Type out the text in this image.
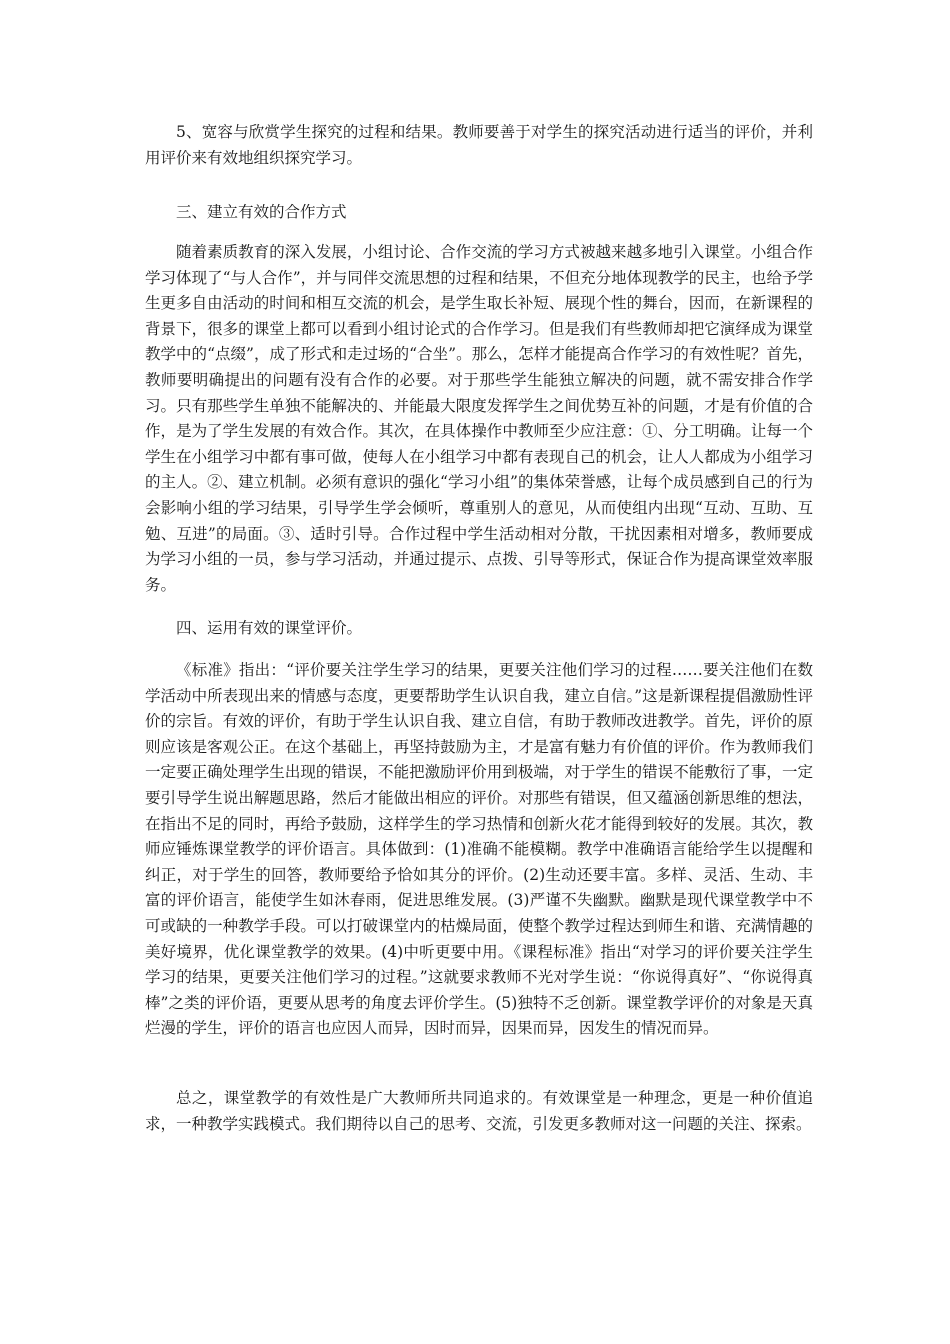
5、宽容与欣赏学生探究的过程和结果。教师要善于对学生的探究活动进行适当的评价，并利用评价来有效地组织探究学习。

三、建立有效的合作方式

随着素质教育的深入发展，小组讨论、合作交流的学习方式被越来越多地引入课堂。小组合作学习体现了“与人合作”，并与同伴交流思想的过程和结果，不但充分地体现教学的民主，也给予学生更多自由活动的时间和相互交流的机会，是学生取长补短、展现个性的舞台，因而，在新课程的背景下，很多的课堂上都可以看到小组讨论式的合作学习。但是我们有些教师却把它演绎成为课堂教学中的“点缀”，成了形式和走过场的“合坐”。那么，怎样才能提高合作学习的有效性呢？首先，教师要明确提出的问题有没有合作的必要。对于那些学生能独立解决的问题，就不需安排合作学习。只有那些学生单独不能解决的、并能最大限度发挥学生之间优势互补的问题，才是有价值的合作，是为了学生发展的有效合作。其次，在具体操作中教师至少应注意：①、分工明确。让每一个学生在小组学习中都有事可做，使每人在小组学习中都有表现自己的机会，让人人都成为小组学习的主人。②、建立机制。必须有意识的强化“学习小组”的集体荣誉感，让每个成员感到自己的行为会影响小组的学习结果，引导学生学会倾听，尊重别人的意见，从而使组内出现“互动、互助、互勉、互进”的局面。③、适时引导。合作过程中学生活动相对分散，干扰因素相对增多，教师要成为学习小组的一员，参与学习活动，并通过提示、点拨、引导等形式，保证合作为提高课堂效率服务。

四、运用有效的课堂评价。

《标准》指出：“评价要关注学生学习的结果，更要关注他们学习的过程……要关注他们在数学活动中所表现出来的情感与态度，更要帮助学生认识自我，建立自信。”这是新课程提倡激励性评价的宗旨。有效的评价，有助于学生认识自我、建立自信，有助于教师改进教学。首先，评价的原则应该是客观公正。在这个基础上，再坚持鼓励为主，才是富有魅力有价值的评价。作为教师我们一定要正确处理学生出现的错误，不能把激励评价用到极端，对于学生的错误不能敷衍了事，一定要引导学生说出解题思路，然后才能做出相应的评价。对那些有错误，但又蕴涵创新思维的想法，在指出不足的同时，再给予鼓励，这样学生的学习热情和创新火花才能得到较好的发展。其次，教师应锤炼课堂教学的评价语言。具体做到：(1)准确不能模糊。教学中准确语言能给学生以提醒和纠正，对于学生的回答，教师要给予恰如其分的评价。(2)生动还要丰富。多样、灵活、生动、丰富的评价语言，能使学生如沐春雨，促进思维发展。(3)严谨不失幽默。幽默是现代课堂教学中不可或缺的一种教学手段。可以打破课堂内的枯燥局面，使整个教学过程达到师生和谐、充满情趣的美好境界，优化课堂教学的效果。(4)中听更要中用。《课程标准》指出“对学习的评价要关注学生学习的结果，更要关注他们学习的过程。”这就要求教师不光对学生说：“你说得真好”、“你说得真棒”之类的评价语，更要从思考的角度去评价学生。(5)独特不乏创新。课堂教学评价的对象是天真烂漫的学生，评价的语言也应因人而异，因时而异，因果而异，因发生的情况而异。

总之，课堂教学的有效性是广大教师所共同追求的。有效课堂是一种理念，更是一种价值追求，一种教学实践模式。我们期待以自己的思考、交流，引发更多教师对这一问题的关注、探索。
